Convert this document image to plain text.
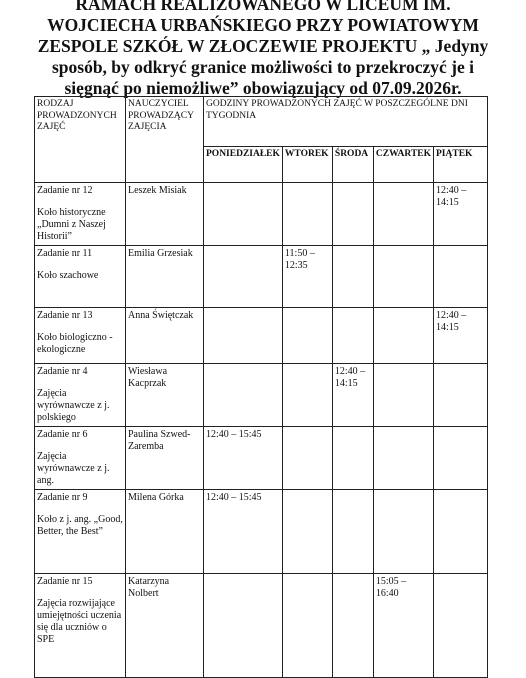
RAMACH REALIZOWANEGO W LICEUM IM.
WOJCIECHA URBAŃSKIEGO PRZY POWIATOWYM
ZESPOLE SZKÓŁ W ZŁOCZEWIE PROJEKTU „ Jedyny
sposób, by odkryć granice możliwości to przekroczyć je i
sięgnąć po niemożliwe” obowiązujący od 07.09.2026r.
RODZAJ PROWADZONYCH ZAJĘĆ	NAUCZYCIEL PROWADZĄCY ZAJĘCIA	GODZINY PROWADZONYCH ZAJĘĆ W POSZCZEGÓLNE DNI TYGODNIA				
		PONIEDZIAŁEK	WTOREK	ŚRODA	CZWARTEK	PIĄTEK

Zadanie nr 12
Koło historyczne „Dumni z Naszej Historii”	Leszek Misiak					12:40 – 14:15

Zadanie nr 11
Koło szachowe	Emilia Grzesiak		11:50 – 12:35			

Zadanie nr 13
Koło biologiczno - ekologiczne	Anna Świętczak					12:40 – 14:15

Zadanie nr 4
Zajęcia wyrównawcze z j. polskiego	Wiesława Kacprzak			12:40 – 14:15		

Zadanie nr 6
Zajęcia wyrównawcze z j. ang.	Paulina Szwed-Zaremba	12:40 – 15:45				

Zadanie nr 9
Koło z j. ang. „Good, Better, the Best”	Milena Górka	12:40 – 15:45				

Zadanie nr 15
Zajęcia rozwijające umiejętności uczenia się dla uczniów o SPE	Katarzyna Nolbert				15:05 – 16:40	
